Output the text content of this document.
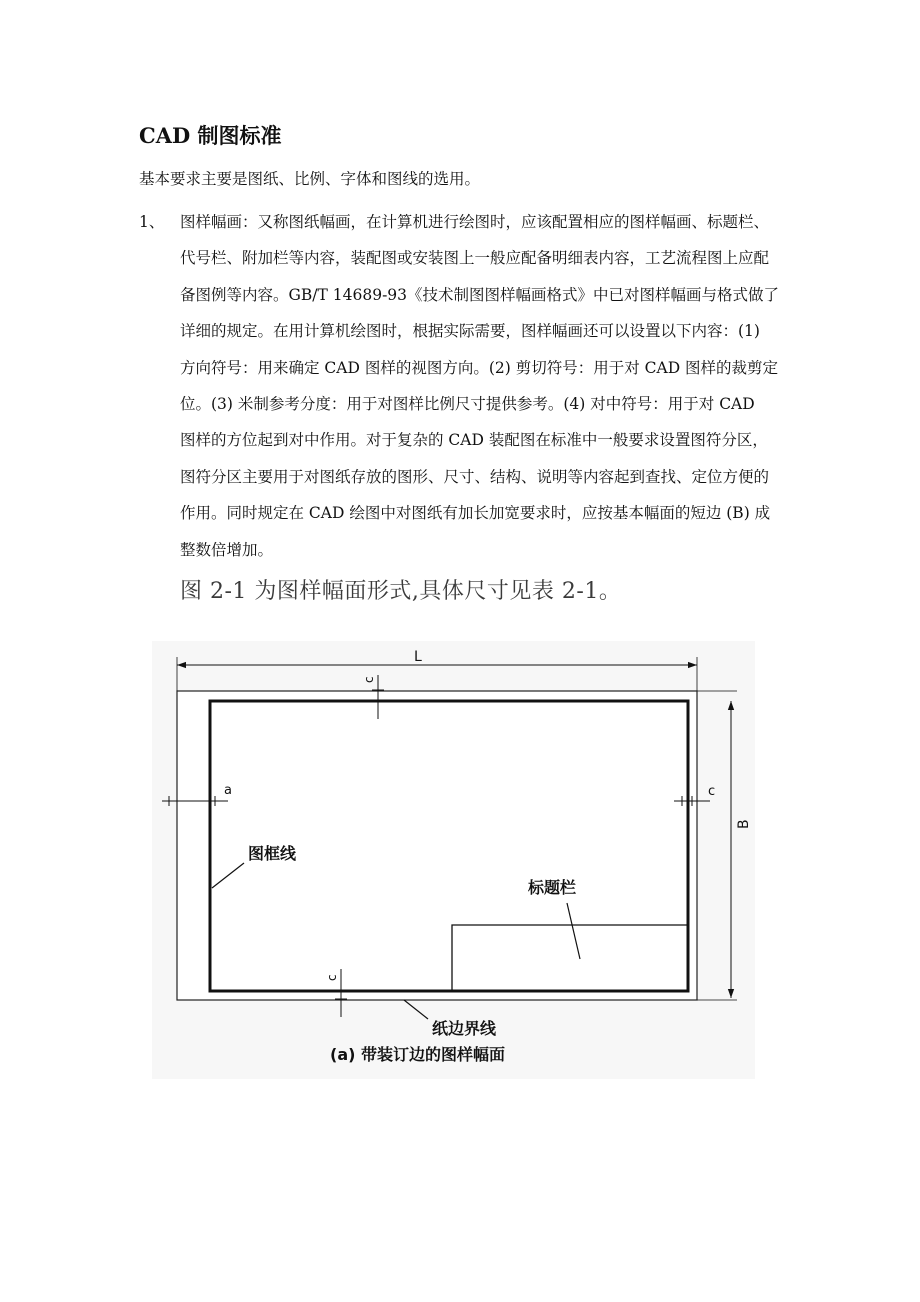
CAD 制图标准
基本要求主要是图纸、比例、字体和图线的选用。
1、 图样幅画：又称图纸幅画，在计算机进行绘图时，应该配置相应的图样幅画、标题栏、
代号栏、附加栏等内容，装配图或安装图上一般应配备明细表内容，工艺流程图上应配
备图例等内容。GB/T 14689-93《技术制图图样幅画格式》中已对图样幅画与格式做了
详细的规定。在用计算机绘图时，根据实际需要，图样幅画还可以设置以下内容：(1)
方向符号：用来确定 CAD 图样的视图方向。(2) 剪切符号：用于对 CAD 图样的裁剪定
位。(3) 米制参考分度：用于对图样比例尺寸提供参考。(4) 对中符号：用于对 CAD
图样的方位起到对中作用。对于复杂的 CAD 装配图在标准中一般要求设置图符分区，
图符分区主要用于对图纸存放的图形、尺寸、结构、说明等内容起到查找、定位方便的
作用。同时规定在 CAD 绘图中对图纸有加长加宽要求时，应按基本幅面的短边 (B) 成
整数倍增加。
图 2-1 为图样幅面形式,具体尺寸见表 2-1。
L
B
c
a	c
c
图框线
标题栏
纸边界线
(a) 带装订边的图样幅面
